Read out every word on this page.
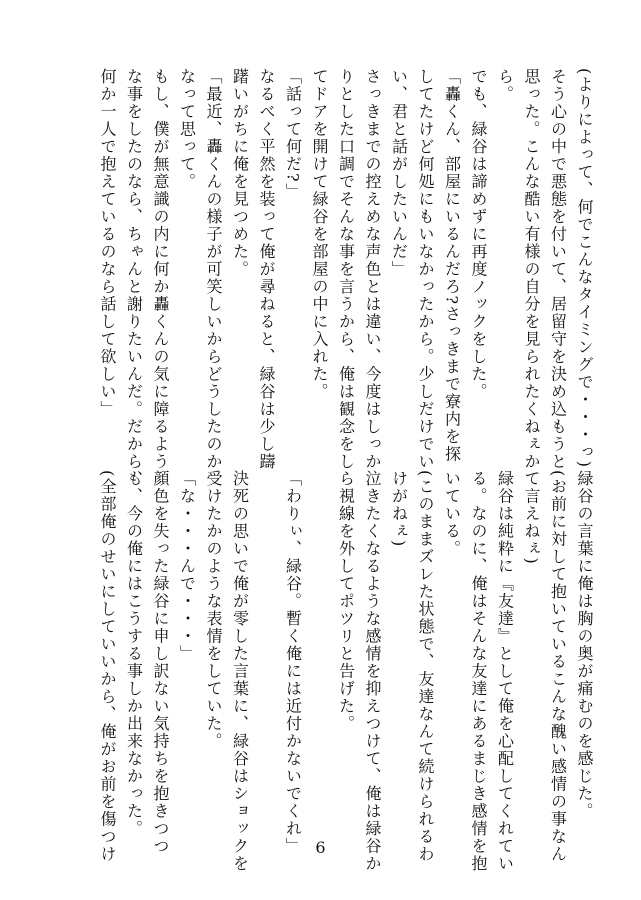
(よりによって、何でこんなタイミングで・・・っ)
そう心の中で悪態を付いて、居留守を決め込もうと
思った。こんな酷い有様の自分を見られたくねぇか
ら。
でも、緑谷は諦めずに再度ノックをした。
「轟くん、部屋にいるんだろ?さっきまで寮内を探
してたけど何処にもいなかったから。少しだけでい
い、君と話がしたいんだ」
さっきまでの控えめな声色とは違い、今度はしっか
りとした口調でそんな事を言うから、俺は観念をし
てドアを開けて緑谷を部屋の中に入れた。
「話って何だ?」
なるべく平然を装って俺が尋ねると、緑谷は少し躊
躇いがちに俺を見つめた。
「最近、轟くんの様子が可笑しいからどうしたのか
なって思って。
もし、僕が無意識の内に何か轟くんの気に障るよう
な事をしたのなら、ちゃんと謝りたいんだ。だから、
何か一人で抱えているのなら話して欲しい」
緑谷の言葉に俺は胸の奥が痛むのを感じた。
(お前に対して抱いているこんな醜い感情の事なん
て言えねぇ)
緑谷は純粋に『友達』として俺を心配してくれてい
る。なのに、俺はそんな友達にあるまじき感情を抱
いている。
(このままズレた状態で、友達なんて続けられるわ
けがねぇ)
泣きたくなるような感情を抑えつけて、俺は緑谷か
ら視線を外してポツリと告げた。

「わりぃ、緑谷。暫く俺には近付かないでくれ」

決死の思いで俺が零した言葉に、緑谷はショックを
受けたかのような表情をしていた。
「な・・・んで・・・」
顔色を失った緑谷に申し訳ない気持ちを抱きつつ
も、今の俺にはこうする事しか出来なかった。
(全部俺のせいにしていいから、俺がお前を傷つけ	6
